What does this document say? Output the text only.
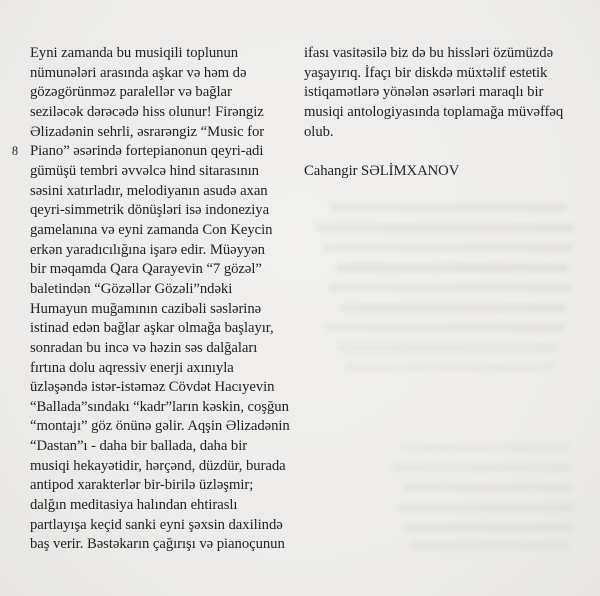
8
Eyni zamanda bu musiqili toplunun
nümunələri arasında aşkar və həm də
gözəgörünməz paralellər və bağlar
seziləcək dərəcədə hiss olunur! Firəngiz
Əlizadənin sehrli, əsrarəngiz “Music for
Piano” əsərində fortepianonun qeyri-adi
gümüşü tembri əvvəlcə hind sitarasının
səsini xatırladır, melodiyanın asudə axan
qeyri-simmetrik dönüşləri isə indoneziya
gamelanına və eyni zamanda Con Keycin
erkən yaradıcılığına işarə edir. Müəyyən
bir məqamda Qara Qarayevin “7 gözəl”
baletindən “Gözəllər Gözəli”ndəki
Humayun muğamının cazibəli səslərinə
istinad edən bağlar aşkar olmağa başlayır,
sonradan bu incə və həzin səs dalğaları
fırtına dolu aqressiv enerji axınıyla
üzləşəndə istər-istəməz Cövdət Hacıyevin
“Ballada”sındakı “kadr”ların kəskin, coşğun
“montajı” göz önünə gəlir. Aqşin Əlizadənin
“Dastan”ı - daha bir ballada, daha bir
musiqi hekayətidir, hərçənd, düzdür, burada
antipod xarakterlər bir-birilə üzləşmir;
dalğın meditasiya halından ehtiraslı
partlayışa keçid sanki eyni şəxsin daxilində
baş verir. Bəstəkarın çağırışı və pianoçunun
ifası vasitəsilə biz də bu hissləri özümüzdə
yaşayırıq. İfaçı bir diskdə müxtəlif estetik
istiqamətlərə yönələn əsərləri maraqlı bir
musiqi antologiyasında toplamağa müvəffəq
olub.
Cahangir SƏLİMXANOV
